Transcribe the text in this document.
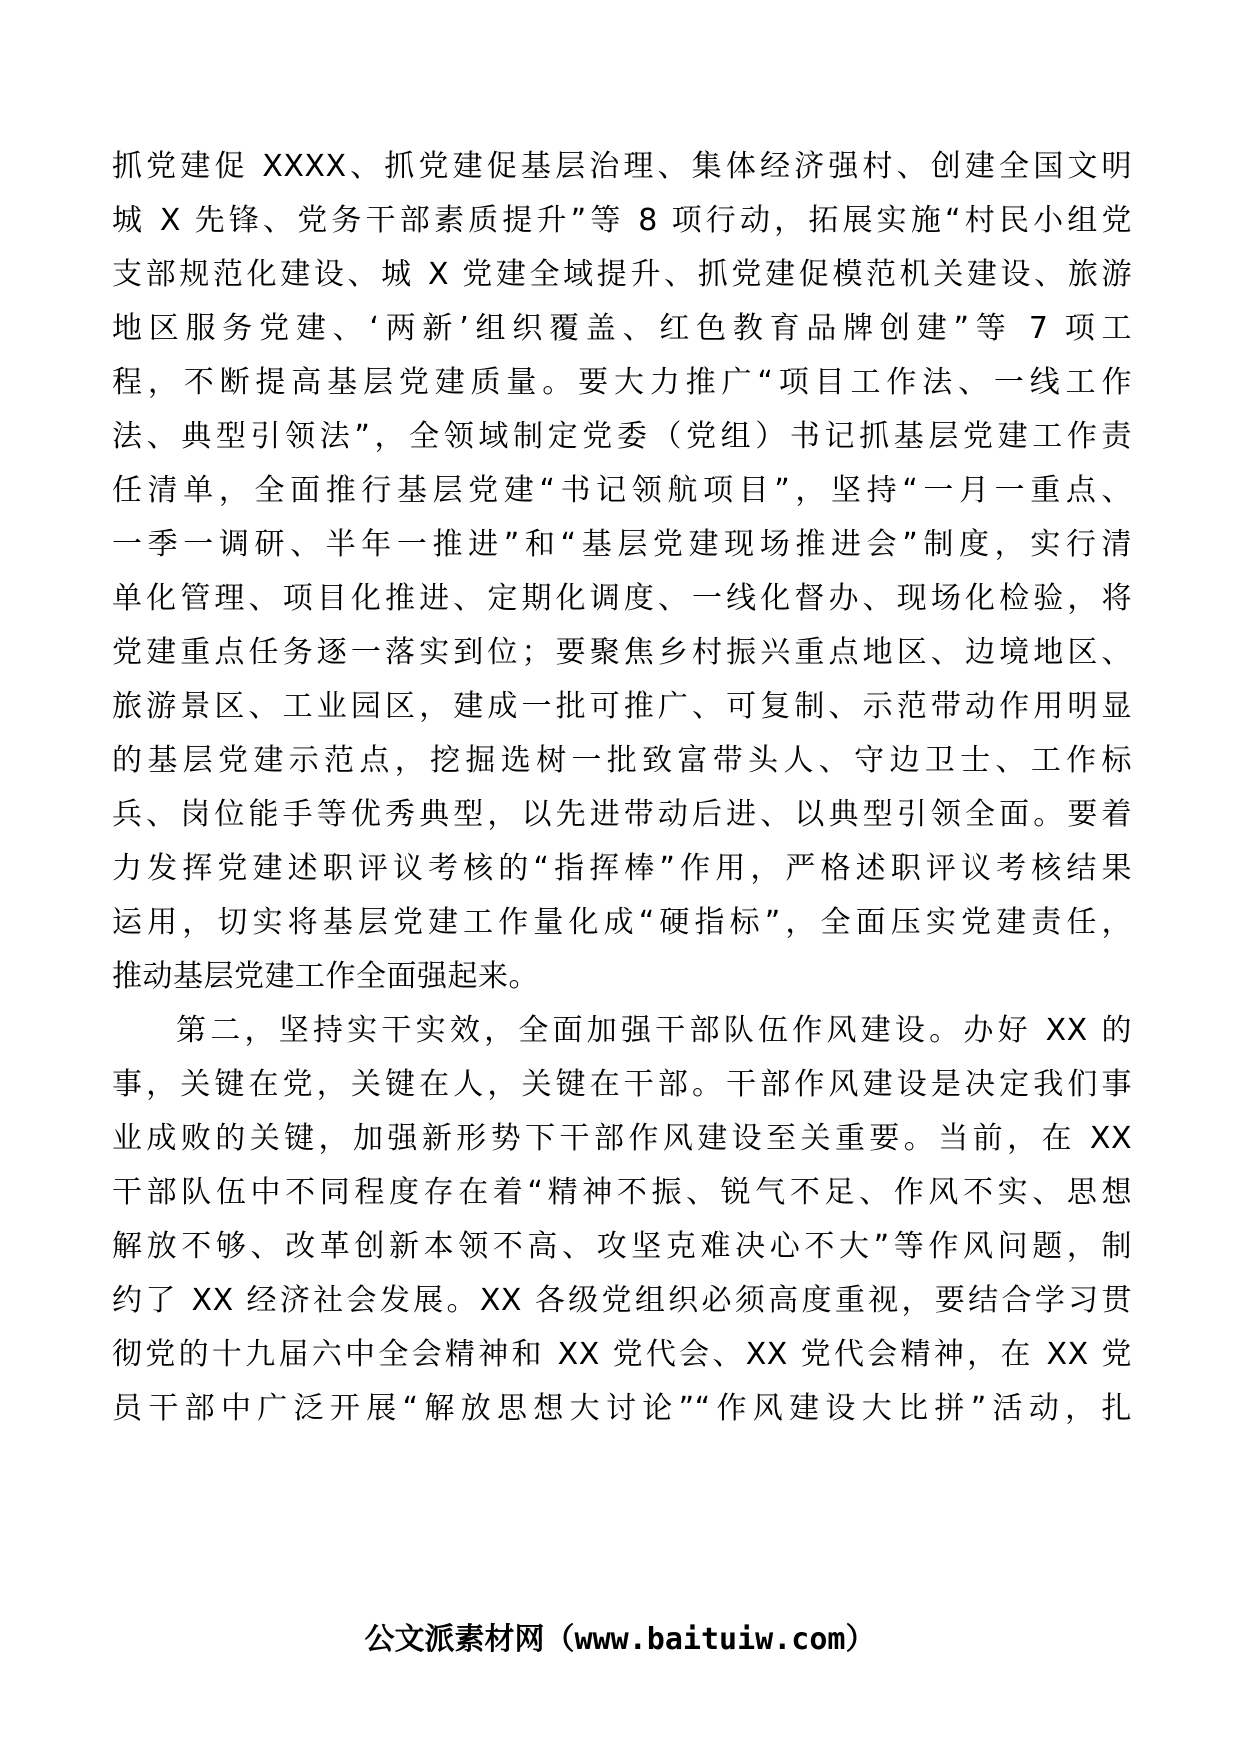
抓党建促 XXXX、抓党建促基层治理、集体经济强村、创建全国文明
城 X 先锋、党务干部素质提升”等 8 项行动，拓展实施“村民小组党
支部规范化建设、城 X 党建全域提升、抓党建促模范机关建设、旅游
地区服务党建、‘两新’组织覆盖、红色教育品牌创建”等 7 项工
程，不断提高基层党建质量。要大力推广“项目工作法、一线工作
法、典型引领法”，全领域制定党委（党组）书记抓基层党建工作责
任清单，全面推行基层党建“书记领航项目”，坚持“一月一重点、
一季一调研、半年一推进”和“基层党建现场推进会”制度，实行清
单化管理、项目化推进、定期化调度、一线化督办、现场化检验，将
党建重点任务逐一落实到位；要聚焦乡村振兴重点地区、边境地区、
旅游景区、工业园区，建成一批可推广、可复制、示范带动作用明显
的基层党建示范点，挖掘选树一批致富带头人、守边卫士、工作标
兵、岗位能手等优秀典型，以先进带动后进、以典型引领全面。要着
力发挥党建述职评议考核的“指挥棒”作用，严格述职评议考核结果
运用，切实将基层党建工作量化成“硬指标”，全面压实党建责任，
推动基层党建工作全面强起来。
第二，坚持实干实效，全面加强干部队伍作风建设。办好 XX 的
事，关键在党，关键在人，关键在干部。干部作风建设是决定我们事
业成败的关键，加强新形势下干部作风建设至关重要。当前，在 XX
干部队伍中不同程度存在着“精神不振、锐气不足、作风不实、思想
解放不够、改革创新本领不高、攻坚克难决心不大”等作风问题，制
约了 XX 经济社会发展。XX 各级党组织必须高度重视，要结合学习贯
彻党的十九届六中全会精神和 XX 党代会、XX 党代会精神，在 XX 党
员干部中广泛开展“解放思想大讨论”“作风建设大比拼”活动，扎
公文派素材网（www.baituiw.com）
